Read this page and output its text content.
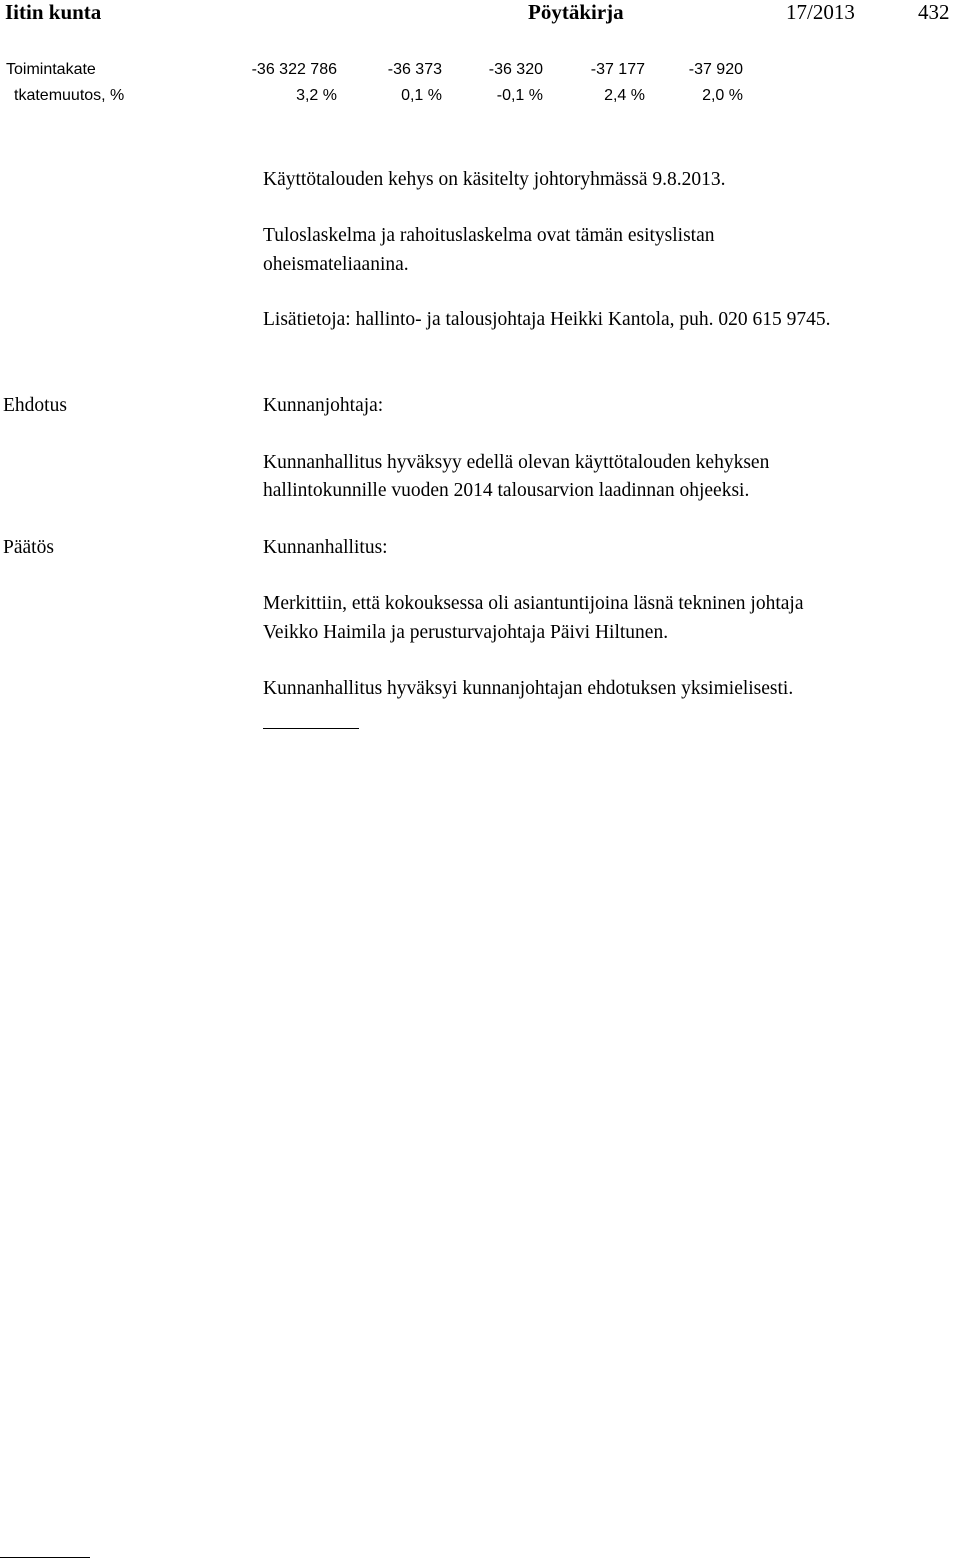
Iitin kunta	Pöytäkirja	17/2013	432
Toimintakate	-36 322 786	-36 373	-36 320	-37 177	-37 920
tkatemuutos, %	3,2 %	0,1 %	-0,1 %	2,4 %	2,0 %
Käyttötalouden kehys on käsitelty johtoryhmässä 9.8.2013.
Tuloslaskelma ja rahoituslaskelma ovat tämän esityslistan
oheismateliaanina.
Lisätietoja: hallinto- ja talousjohtaja Heikki Kantola, puh. 020 615 9745.
Ehdotus	Kunnanjohtaja:
Kunnanhallitus hyväksyy edellä olevan käyttötalouden kehyksen
hallintokunnille vuoden 2014 talousarvion laadinnan ohjeeksi.
Päätös	Kunnanhallitus:
Merkittiin, että kokouksessa oli asiantuntijoina läsnä tekninen johtaja
Veikko Haimila ja perusturvajohtaja Päivi Hiltunen.
Kunnanhallitus hyväksyi kunnanjohtajan ehdotuksen yksimielisesti.
